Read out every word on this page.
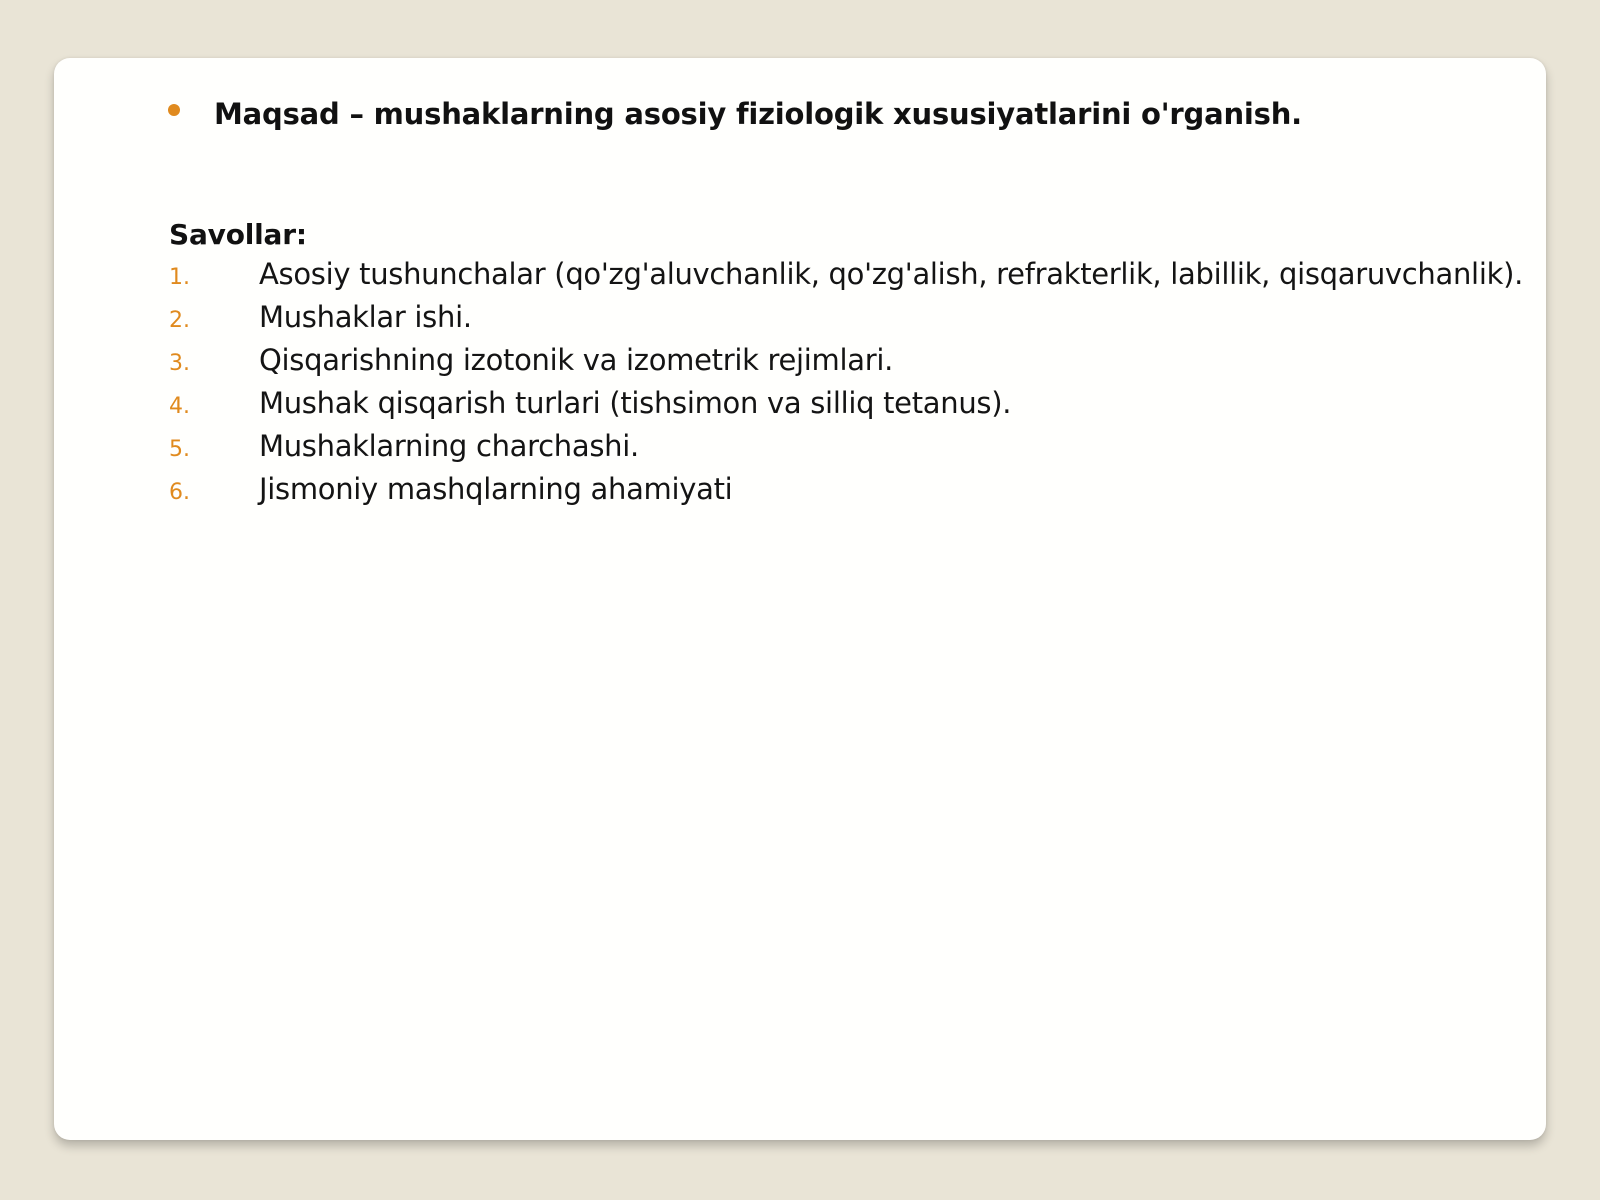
Maqsad – mushaklarning asosiy fiziologik xususiyatlarini o'rganish.
Savollar:
1.	Asosiy tushunchalar (qo'zg'aluvchanlik, qo'zg'alish, refrakterlik, labillik, qisqaruvchanlik).
2.	Mushaklar ishi.
3.	Qisqarishning izotonik va izometrik rejimlari.
4.	Mushak qisqarish turlari (tishsimon va silliq tetanus).
5.	Mushaklarning charchashi.
6.	Jismoniy mashqlarning ahamiyati
